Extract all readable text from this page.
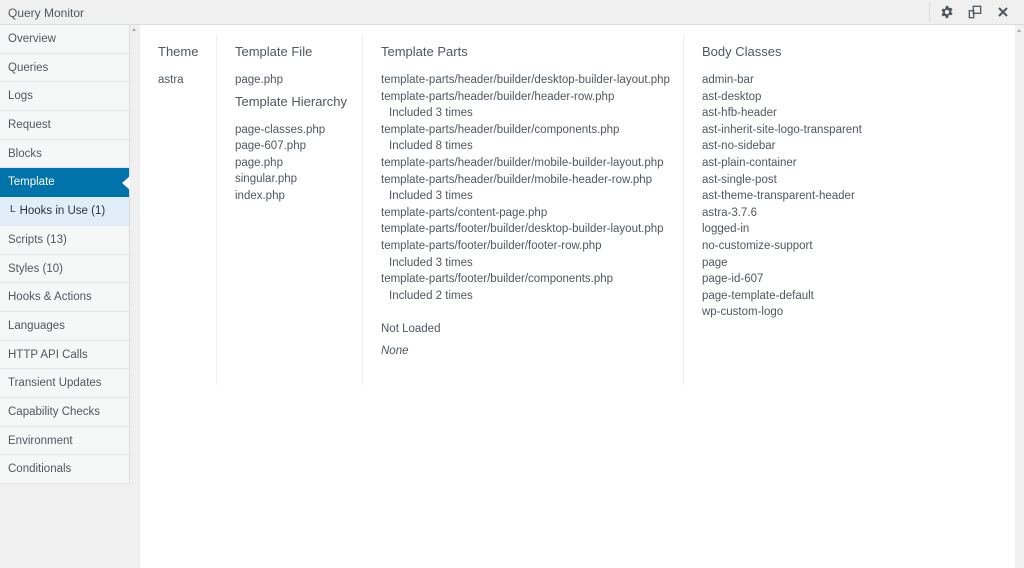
Query Monitor
Overview
Queries
Logs
Request
Blocks
Template
L Hooks in Use (1)
Scripts (13)
Styles (10)
Hooks & Actions
Languages
HTTP API Calls
Transient Updates
Capability Checks
Environment
Conditionals
Theme
astra
Template File
page.php
Template Hierarchy
page-classes.php
page-607.php
page.php
singular.php
index.php
Template Parts
template-parts/header/builder/desktop-builder-layout.php
template-parts/header/builder/header-row.php
Included 3 times
template-parts/header/builder/components.php
Included 8 times
template-parts/header/builder/mobile-builder-layout.php
template-parts/header/builder/mobile-header-row.php
Included 3 times
template-parts/content-page.php
template-parts/footer/builder/desktop-builder-layout.php
template-parts/footer/builder/footer-row.php
Included 3 times
template-parts/footer/builder/components.php
Included 2 times
Not Loaded
None
Body Classes
admin-bar
ast-desktop
ast-hfb-header
ast-inherit-site-logo-transparent
ast-no-sidebar
ast-plain-container
ast-single-post
ast-theme-transparent-header
astra-3.7.6
logged-in
no-customize-support
page
page-id-607
page-template-default
wp-custom-logo
